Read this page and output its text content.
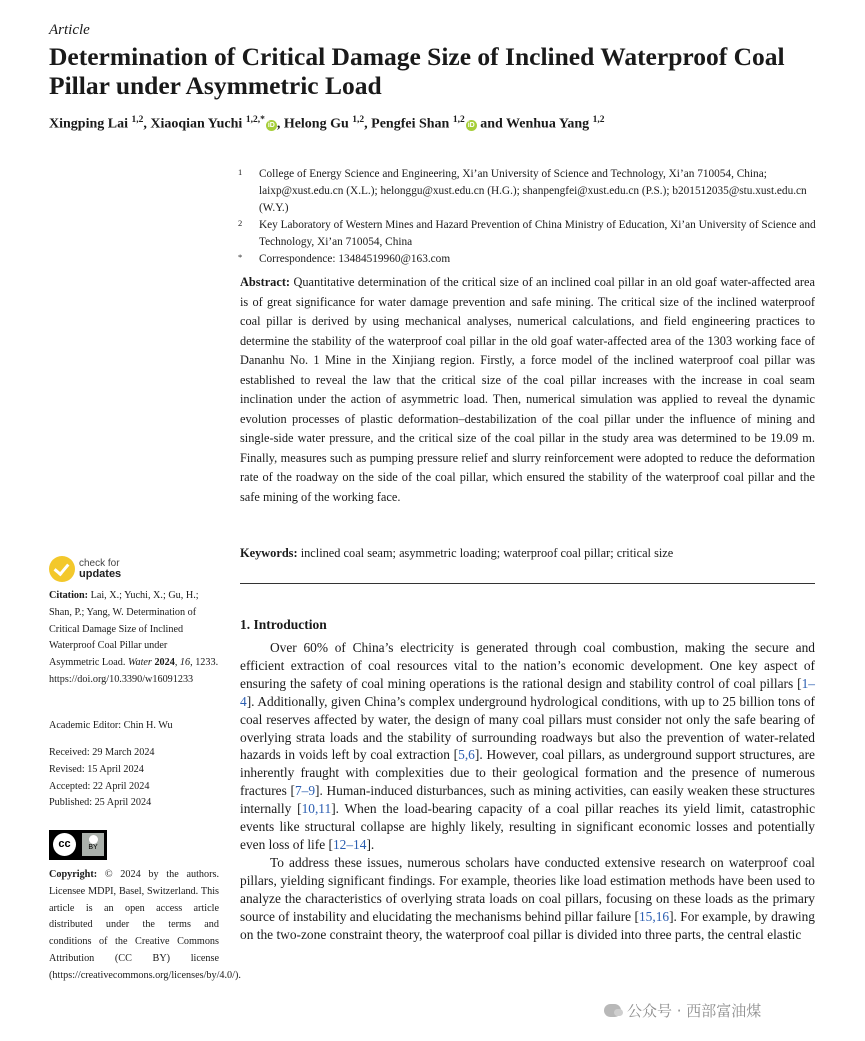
Article
Determination of Critical Damage Size of Inclined Waterproof Coal Pillar under Asymmetric Load
Xingping Lai $^{1,2}$, Xiaoqian Yuchi $^{1,2,*}$iD , Helong Gu $^{1,2}$, Pengfei Shan $^{1,2}$iD and Wenhua Yang $^{1,2}$
1 College of Energy Science and Engineering, Xi’an University of Science and Technology, Xi’an 710054, China; laixp@xust.edu.cn (X.L.); helonggu@xust.edu.cn (H.G.); shanpengfei@xust.edu.cn (P.S.); b201512035@stu.xust.edu.cn (W.Y.)
2 Key Laboratory of Western Mines and Hazard Prevention of China Ministry of Education, Xi’an University of Science and Technology, Xi’an 710054, China
* Correspondence: 13484519960@163.com
Abstract: Quantitative determination of the critical size of an inclined coal pillar in an old goaf water-affected area is of great significance for water damage prevention and safe mining. The critical size of the inclined waterproof coal pillar is derived by using mechanical analyses, numerical calculations, and field engineering practices to determine the stability of the waterproof coal pillar in the old goaf water-affected area of the 1303 working face of Dananhu No. 1 Mine in the Xinjiang region. Firstly, a force model of the inclined waterproof coal pillar was established to reveal the law that the critical size of the coal pillar increases with the increase in coal seam inclination under the action of asymmetric load. Then, numerical simulation was applied to reveal the dynamic evolution processes of plastic deformation–destabilization of the coal pillar under the influence of mining and single-side water pressure, and the critical size of the coal pillar in the study area was determined to be 19.09 m. Finally, measures such as pumping pressure relief and slurry reinforcement were adopted to reduce the deformation rate of the roadway on the side of the coal pillar, which ensured the stability of the waterproof coal pillar and the safe mining of the working face.
Keywords: inclined coal seam; asymmetric loading; waterproof coal pillar; critical size
1. Introduction

Over 60% of China’s electricity is generated through coal combustion, making the secure and efficient extraction of coal resources vital to the nation’s economic development. One key aspect of ensuring the safety of coal mining operations is the rational design and stability control of coal pillars [1–4]. Additionally, given China’s complex underground hydrological conditions, with up to 25 billion tons of coal reserves affected by water, the design of many coal pillars must consider not only the safe bearing of overlying strata loads and the stability of surrounding roadways but also the prevention of water-related hazards in voids left by coal extraction [5,6]. However, coal pillars, as underground support structures, are inherently fraught with complexities due to their geological formation and the presence of numerous fractures [7–9]. Human-induced disturbances, such as mining activities, can easily weaken these structures internally [10,11]. When the load-bearing capacity of a coal pillar reaches its yield limit, catastrophic events like structural collapse are highly likely, resulting in significant economic losses and potentially even loss of life [12–14].

To address these issues, numerous scholars have conducted extensive research on waterproof coal pillars, yielding significant findings. For example, theories like load estimation methods have been used to analyze the characteristics of overlying strata loads on coal pillars, focusing on these loads as the primary source of instability and elucidating the mechanisms behind pillar failure [15,16]. For example, by drawing on the two-zone constraint theory, the waterproof coal pillar is divided into three parts, the central elastic

check for
updates
Citation: Lai, X.; Yuchi, X.; Gu, H.; Shan, P.; Yang, W. Determination of Critical Damage Size of Inclined Waterproof Coal Pillar under Asymmetric Load. Water 2024, 16, 1233. https://doi.org/10.3390/w16091233
Academic Editor: Chin H. Wu
Received: 29 March 2024
Revised: 15 April 2024
Accepted: 22 April 2024
Published: 25 April 2024
cc	BY
Copyright: © 2024 by the authors. Licensee MDPI, Basel, Switzerland. This article is an open access article distributed under the terms and conditions of the Creative Commons Attribution (CC BY) license (https://creativecommons.org/licenses/by/4.0/).
公众号 · 西部富油煤
